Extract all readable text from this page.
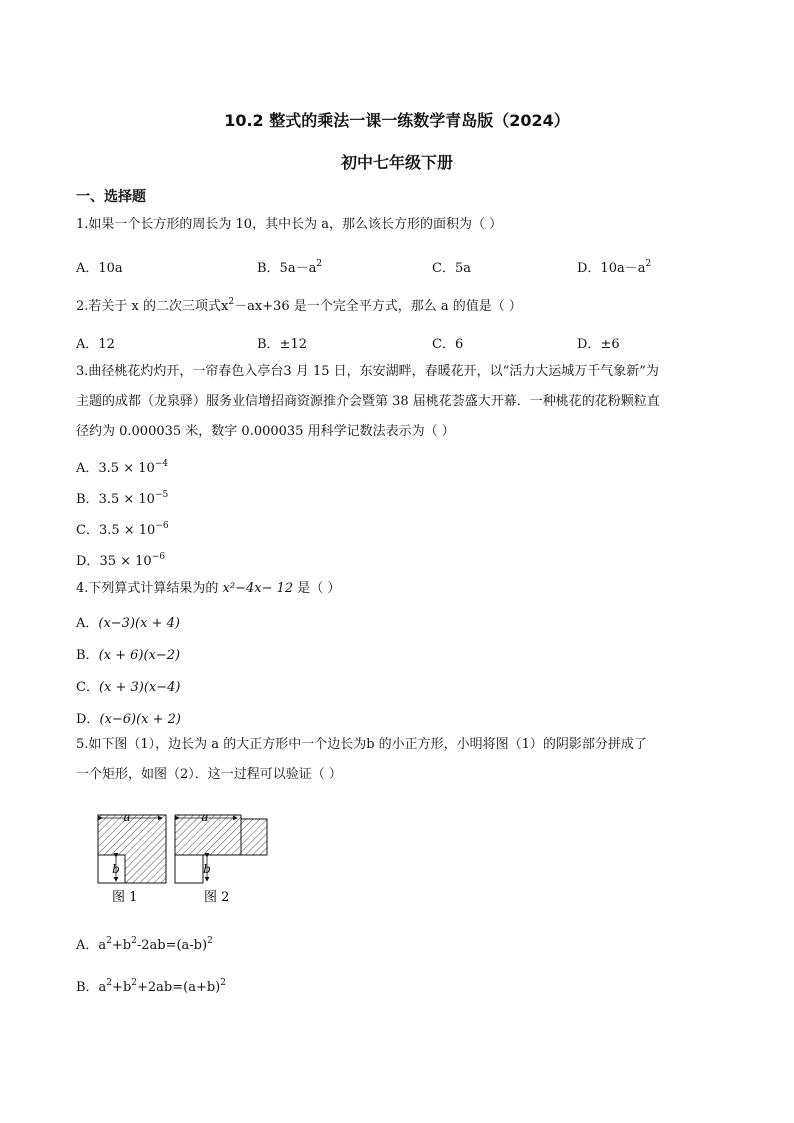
10.2 整式的乘法一课一练数学青岛版（2024）
初中七年级下册
一、选择题
1.如果一个长方形的周长为 10，其中长为 a，那么该长方形的面积为（ ）
A．10a	B．$5a-a^2$	C．5a	D．$10a-a^2$
2.若关于 x 的二次三项式$x^2-ax+36$ 是一个完全平方式，那么 a 的值是（ ）
A．12	B．±12	C．6	D．±6
3.曲径桃花灼灼开，一帘春色入亭台3 月 15 日，东安湖畔，春暖花开，以“活力大运城万千气象新”为
主题的成都（龙泉驿）服务业信增招商资源推介会暨第 38 届桃花荟盛大开幕．一种桃花的花粉颗粒直
径约为 0.000035 米，数字 0.000035 用科学记数法表示为（ ）
A．$3.5 \times 10^{-4}$
B．$3.5 \times 10^{-5}$
C．$3.5 \times 10^{-6}$
D．$35 \times 10^{-6}$
4.下列算式计算结果为的 x²−4x− 12 是（ ）
A．(x−3)(x + 4)
B．(x + 6)(x−2)
C．(x + 3)(x−4)
D．(x−6)(x + 2)
5.如下图（1），边长为 a 的大正方形中一个边长为b 的小正方形，小明将图（1）的阴影部分拼成了
一个矩形，如图（2）．这一过程可以验证（ ）
a
b
图 1
a
b
图 2
A．$a^2+b^2-2ab=(a-b)^2$
B．$a^2+b^2+2ab=(a+b)^2$
